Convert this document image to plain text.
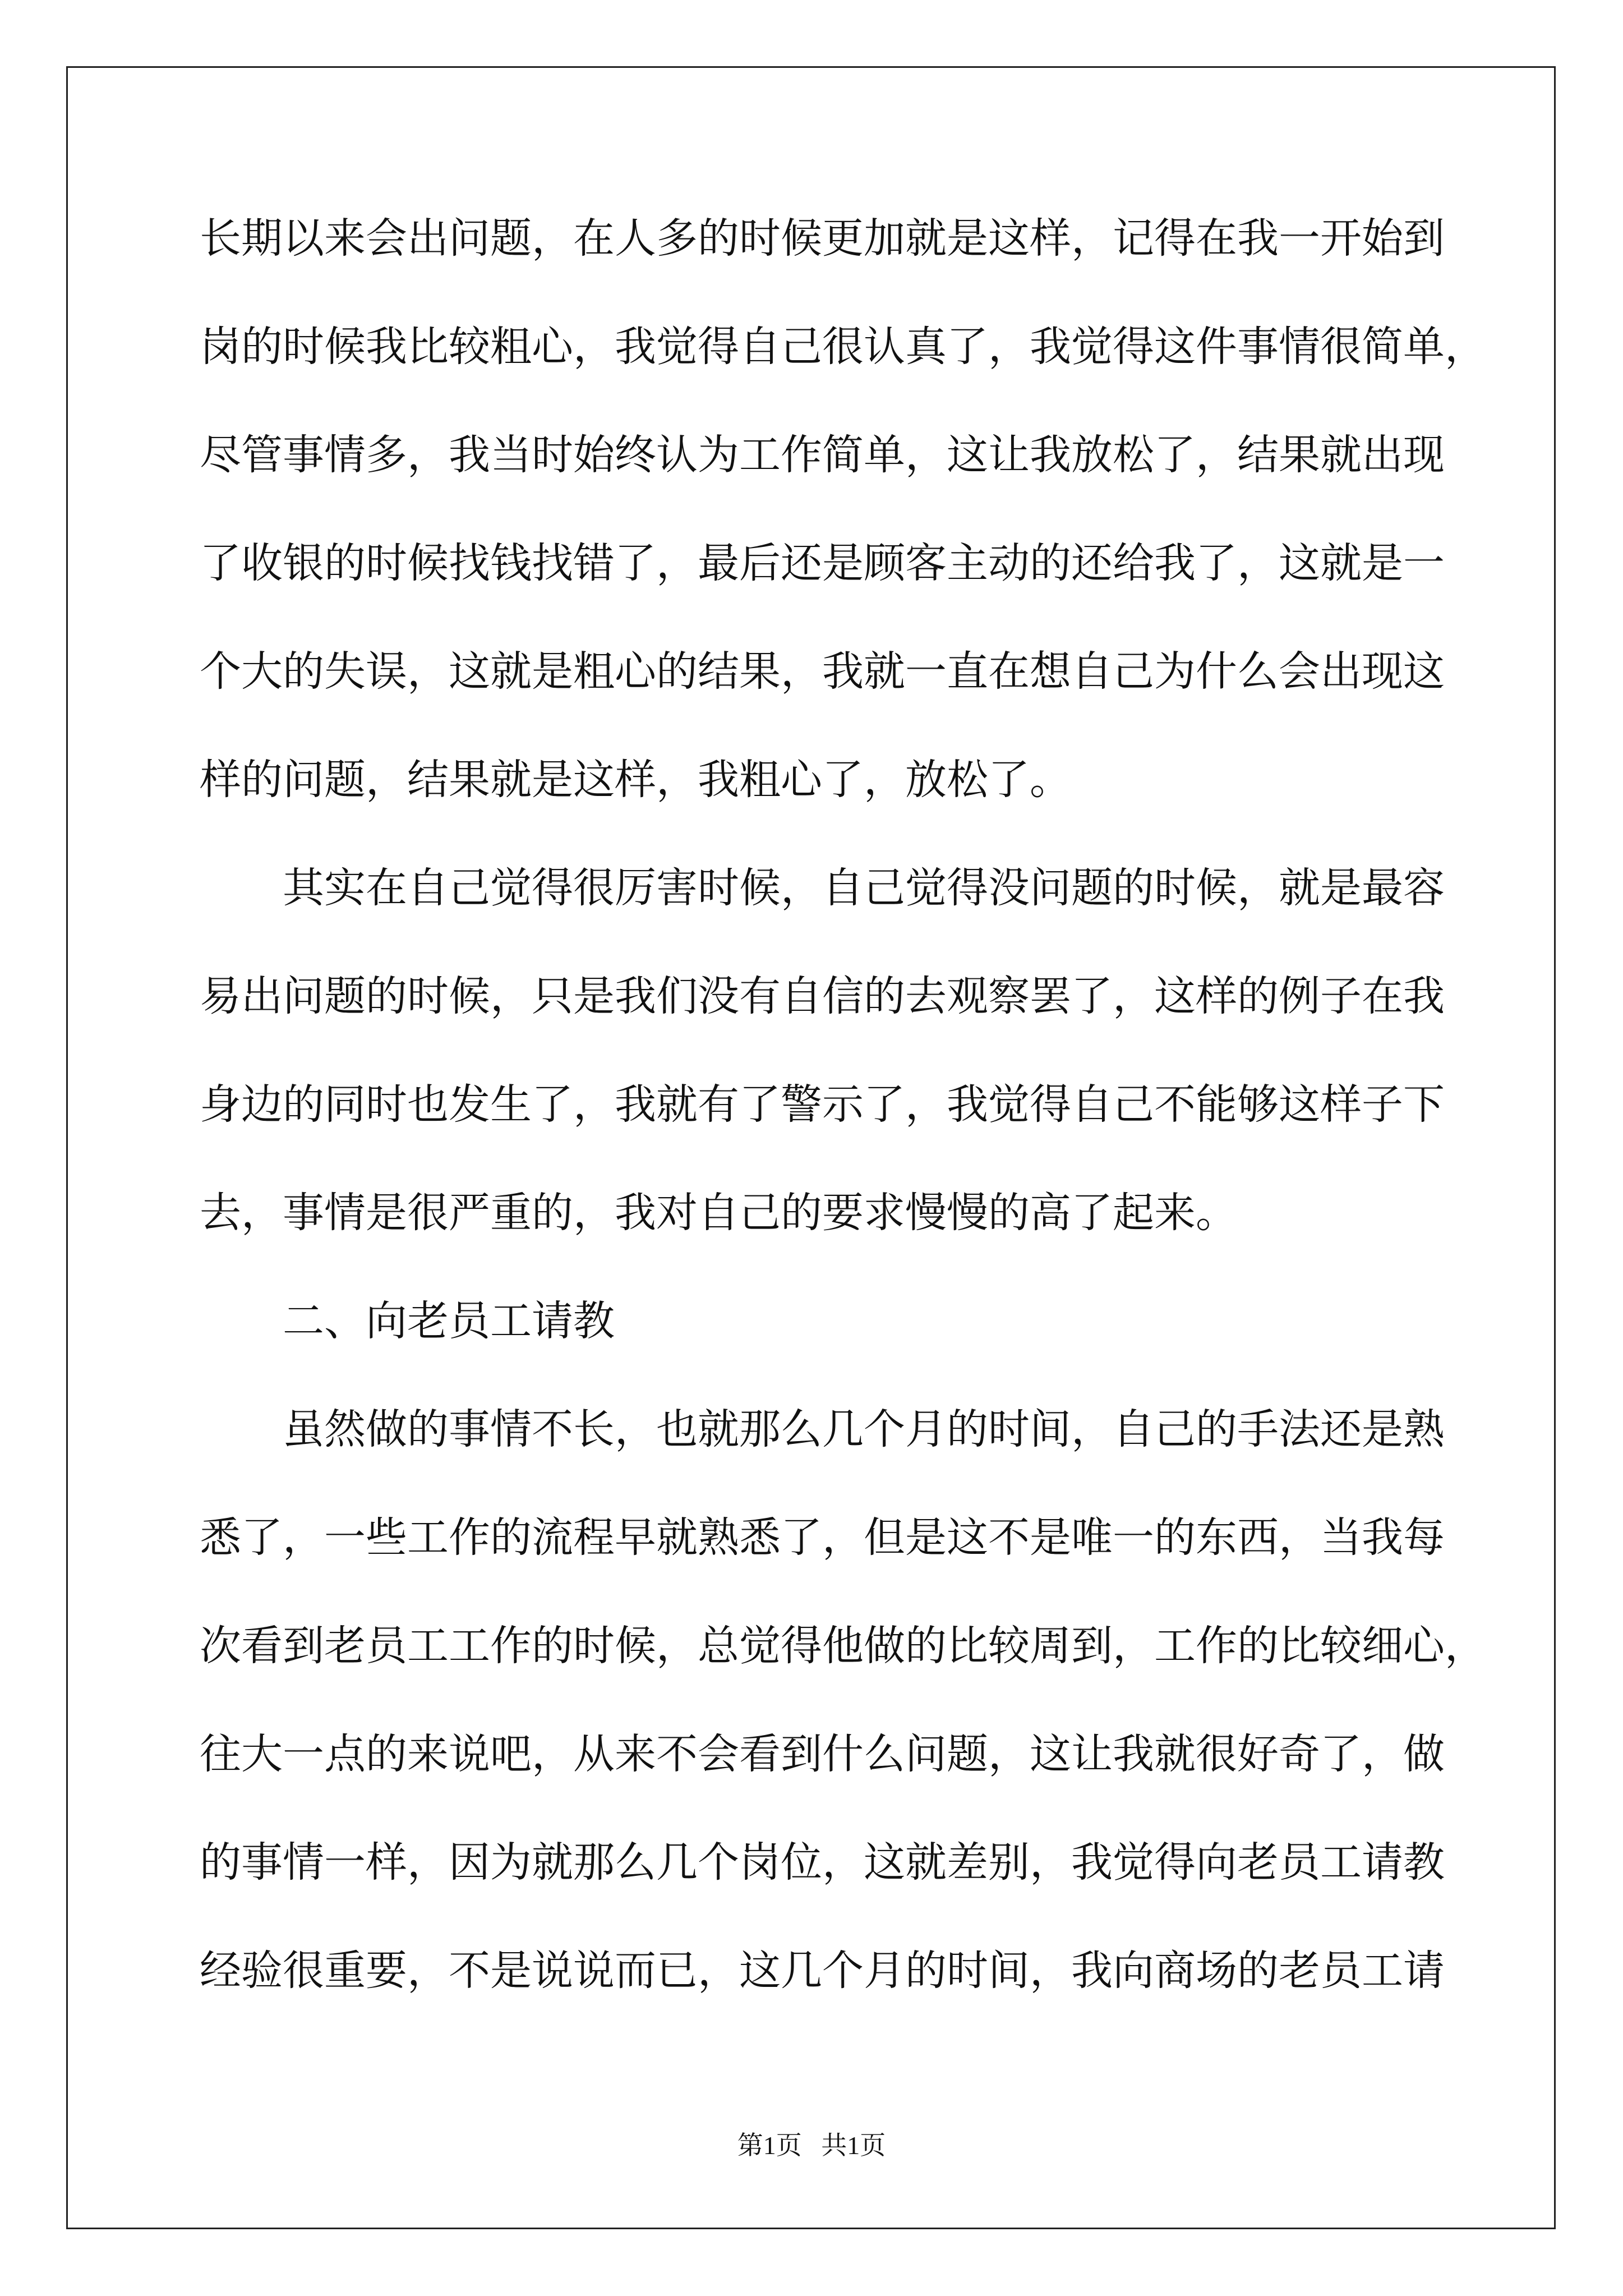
长期以来会出问题，在人多的时候更加就是这样，记得在我一开始到
岗的时候我比较粗心，我觉得自己很认真了，我觉得这件事情很简单，
尽管事情多，我当时始终认为工作简单，这让我放松了，结果就出现
了收银的时候找钱找错了，最后还是顾客主动的还给我了，这就是一
个大的失误，这就是粗心的结果，我就一直在想自己为什么会出现这
样的问题，结果就是这样，我粗心了，放松了。
其实在自己觉得很厉害时候，自己觉得没问题的时候，就是最容
易出问题的时候，只是我们没有自信的去观察罢了，这样的例子在我
身边的同时也发生了，我就有了警示了，我觉得自己不能够这样子下
去，事情是很严重的，我对自己的要求慢慢的高了起来。
二、向老员工请教
虽然做的事情不长，也就那么几个月的时间，自己的手法还是熟
悉了，一些工作的流程早就熟悉了，但是这不是唯一的东西，当我每
次看到老员工工作的时候，总觉得他做的比较周到，工作的比较细心，
往大一点的来说吧，从来不会看到什么问题，这让我就很好奇了，做
的事情一样，因为就那么几个岗位，这就差别，我觉得向老员工请教
经验很重要，不是说说而已，这几个月的时间，我向商场的老员工请
第1页   共1页
